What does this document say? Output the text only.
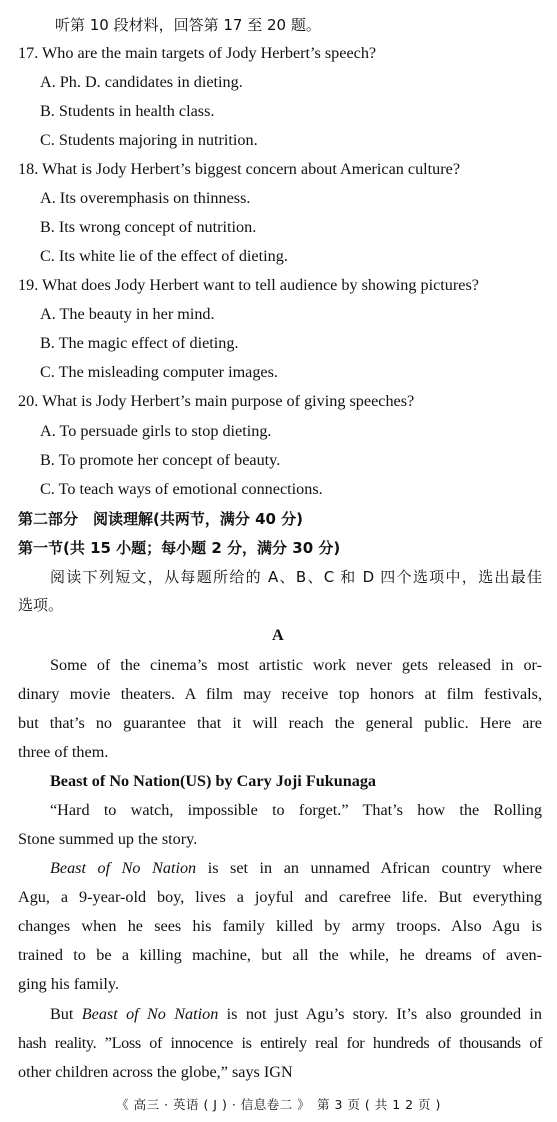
听第 10 段材料，回答第 17 至 20 题。
17. Who are the main targets of Jody Herbert’s speech?
A. Ph. D. candidates in dieting.
B. Students in health class.
C. Students majoring in nutrition.
18. What is Jody Herbert’s biggest concern about American culture?
A. Its overemphasis on thinness.
B. Its wrong concept of nutrition.
C. Its white lie of the effect of dieting.
19. What does Jody Herbert want to tell audience by showing pictures?
A. The beauty in her mind.
B. The magic effect of dieting.
C. The misleading computer images.
20. What is Jody Herbert’s main purpose of giving speeches?
A. To persuade girls to stop dieting.
B. To promote her concept of beauty.
C. To teach ways of emotional connections.
第二部分　阅读理解(共两节，满分 40 分)
第一节(共 15 小题；每小题 2 分，满分 30 分)
阅读下列短文，从每题所给的 A、B、C 和 D 四个选项中，选出最佳
选项。
A
Some of the cinema’s most artistic work never gets released in or-
dinary movie theaters. A film may receive top honors at film festivals,
but that’s no guarantee that it will reach the general public. Here are
three of them.
Beast of No Nation(US) by Cary Joji Fukunaga
“Hard to watch, impossible to forget.” That’s how the Rolling
Stone summed up the story.
Beast of No Nation is set in an unnamed African country where
Agu, a 9-year-old boy, lives a joyful and carefree life. But everything
changes when he sees his family killed by army troops. Also Agu is
trained to be a killing machine, but all the while, he dreams of aven-
ging his family.
But Beast of No Nation is not just Agu’s story. It’s also grounded in
hash reality. ”Loss of innocence is entirely real for hundreds of thousands of
other children across the globe,” says IGN
《 高三 · 英语 ( J ) · 信息卷二 》　第 3 页 ( 共 1 2 页 )
